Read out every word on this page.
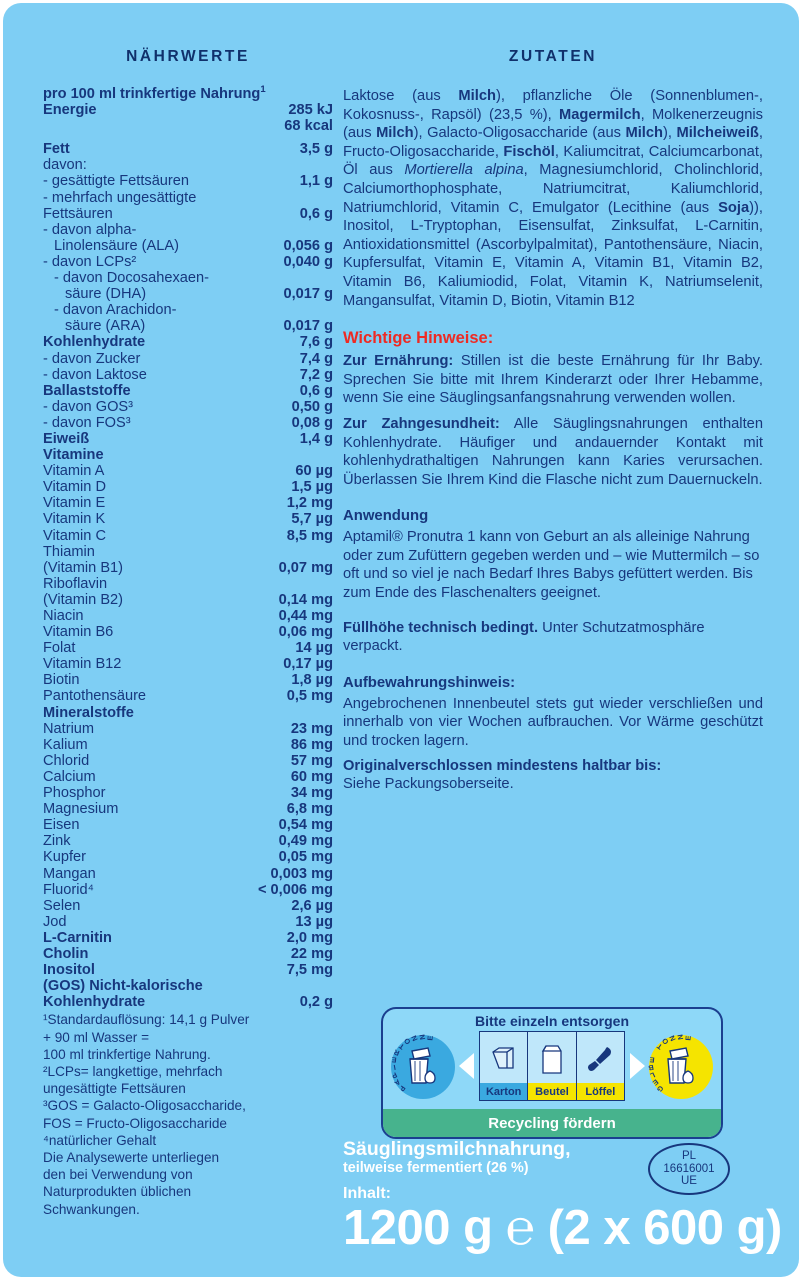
NÄHRWERTE
pro 100 ml trinkfertige Nahrung$^1$
Energie	285 kJ
68 kcal
Fett	3,5 g
davon:
- gesättigte Fettsäuren	1,1 g
- mehrfach ungesättigte
Fettsäuren	0,6 g
- davon alpha-
Linolensäure (ALA)	0,056 g
- davon LCPs²	0,040 g
- davon Docosahexaen-
säure (DHA)	0,017 g
- davon Arachidon-
säure (ARA)	0,017 g
Kohlenhydrate	7,6 g
- davon Zucker	7,4 g
- davon Laktose	7,2 g
Ballaststoffe	0,6 g
- davon GOS³	0,50 g
- davon FOS³	0,08 g
Eiweiß	1,4 g
Vitamine
Vitamin A	60 µg
Vitamin D	1,5 µg
Vitamin E	1,2 mg
Vitamin K	5,7 µg
Vitamin C	8,5 mg
Thiamin
(Vitamin B1)	0,07 mg
Riboflavin
(Vitamin B2)	0,14 mg
Niacin	0,44 mg
Vitamin B6	0,06 mg
Folat	14 µg
Vitamin B12	0,17 µg
Biotin	1,8 µg
Pantothensäure	0,5 mg
Mineralstoffe
Natrium	23 mg
Kalium	86 mg
Chlorid	57 mg
Calcium	60 mg
Phosphor	34 mg
Magnesium	6,8 mg
Eisen	0,54 mg
Zink	0,49 mg
Kupfer	0,05 mg
Mangan	0,003 mg
Fluorid⁴	< 0,006 mg
Selen	2,6 µg
Jod	13 µg
L-Carnitin	2,0 mg
Cholin	22 mg
Inositol	7,5 mg
(GOS) Nicht-kalorische
Kohlenhydrate	0,2 g

¹Standardauflösung: 14,1 g Pulver

+ 90 ml Wasser =

100 ml trinkfertige Nahrung.

²LCPs= langkettige, mehrfach

ungesättigte Fettsäuren

³GOS = Galacto-Oligosaccharide,

FOS = Fructo-Oligosaccharide

⁴natürlicher Gehalt

Die Analysewerte unterliegen

den bei Verwendung von

Naturprodukten üblichen

Schwankungen.

ZUTATEN
Laktose (aus Milch), pflanzliche Öle (Sonnenblumen-, Kokosnuss-, Rapsöl) (23,5 %), Magermilch, Molkenerzeugnis (aus Milch), Galacto-Oligosaccharide (aus Milch), Milcheiweiß, Fructo-Oligosaccharide, Fischöl, Kaliumcitrat, Calciumcarbonat, Öl aus Mortierella alpina, Magnesiumchlorid, Cholinchlorid, Calciumorthophosphate, Natriumcitrat, Kaliumchlorid, Natriumchlorid, Vitamin C, Emulgator (Lecithine (aus Soja)), Inositol, L-Tryptophan, Eisensulfat, Zinksulfat, L-Carnitin, Antioxidationsmittel (Ascorbylpalmitat), Pantothensäure, Niacin, Kupfersulfat, Vitamin E, Vitamin A, Vitamin B1, Vitamin B2, Vitamin B6, Kaliumiodid, Folat, Vitamin K, Natriumselenit, Mangansulfat, Vitamin D, Biotin, Vitamin B12
Wichtige Hinweise:
Zur Ernährung: Stillen ist die beste Ernährung für Ihr Baby. Sprechen Sie bitte mit Ihrem Kinderarzt oder Ihrer Hebamme, wenn Sie eine Säuglingsanfangsnahrung verwenden wollen.
Zur Zahngesundheit: Alle Säuglingsnahrungen enthalten Kohlenhydrate. Häufiger und andauernder Kontakt mit kohlenhydrathaltigen Nahrungen kann Karies verursachen. Überlassen Sie Ihrem Kind die Flasche nicht zum Dauernuckeln.
Anwendung
Aptamil® Pronutra 1 kann von Geburt an als alleinige Nahrung oder zum Zufüttern gegeben werden und – wie Muttermilch – so oft und so viel je nach Bedarf Ihres Babys gefüttert werden. Bis zum Ende des Flaschenalters geeignet.
Füllhöhe technisch bedingt. Unter Schutzatmosphäre verpackt.
Aufbewahrungshinweis:
Angebrochenen Innenbeutel stets gut wieder verschließen und innerhalb von vier Wochen aufbrauchen. Vor Wärme geschützt und trocken lagern.
Originalverschlossen mindestens haltbar bis:
Siehe Packungsoberseite.
Bitte einzeln entsorgen
P
A
P
I
E
R
T
O
N
N
E
Karton	Beutel	Löffel	G
E
L
B
E
T
O
N
N
E
Recycling fördern
Säuglingsmilchnahrung,
teilweise fermentiert (26 %)
Inhalt:
1200 g ℮ (2 x 600 g)
PL
16616001
UE
